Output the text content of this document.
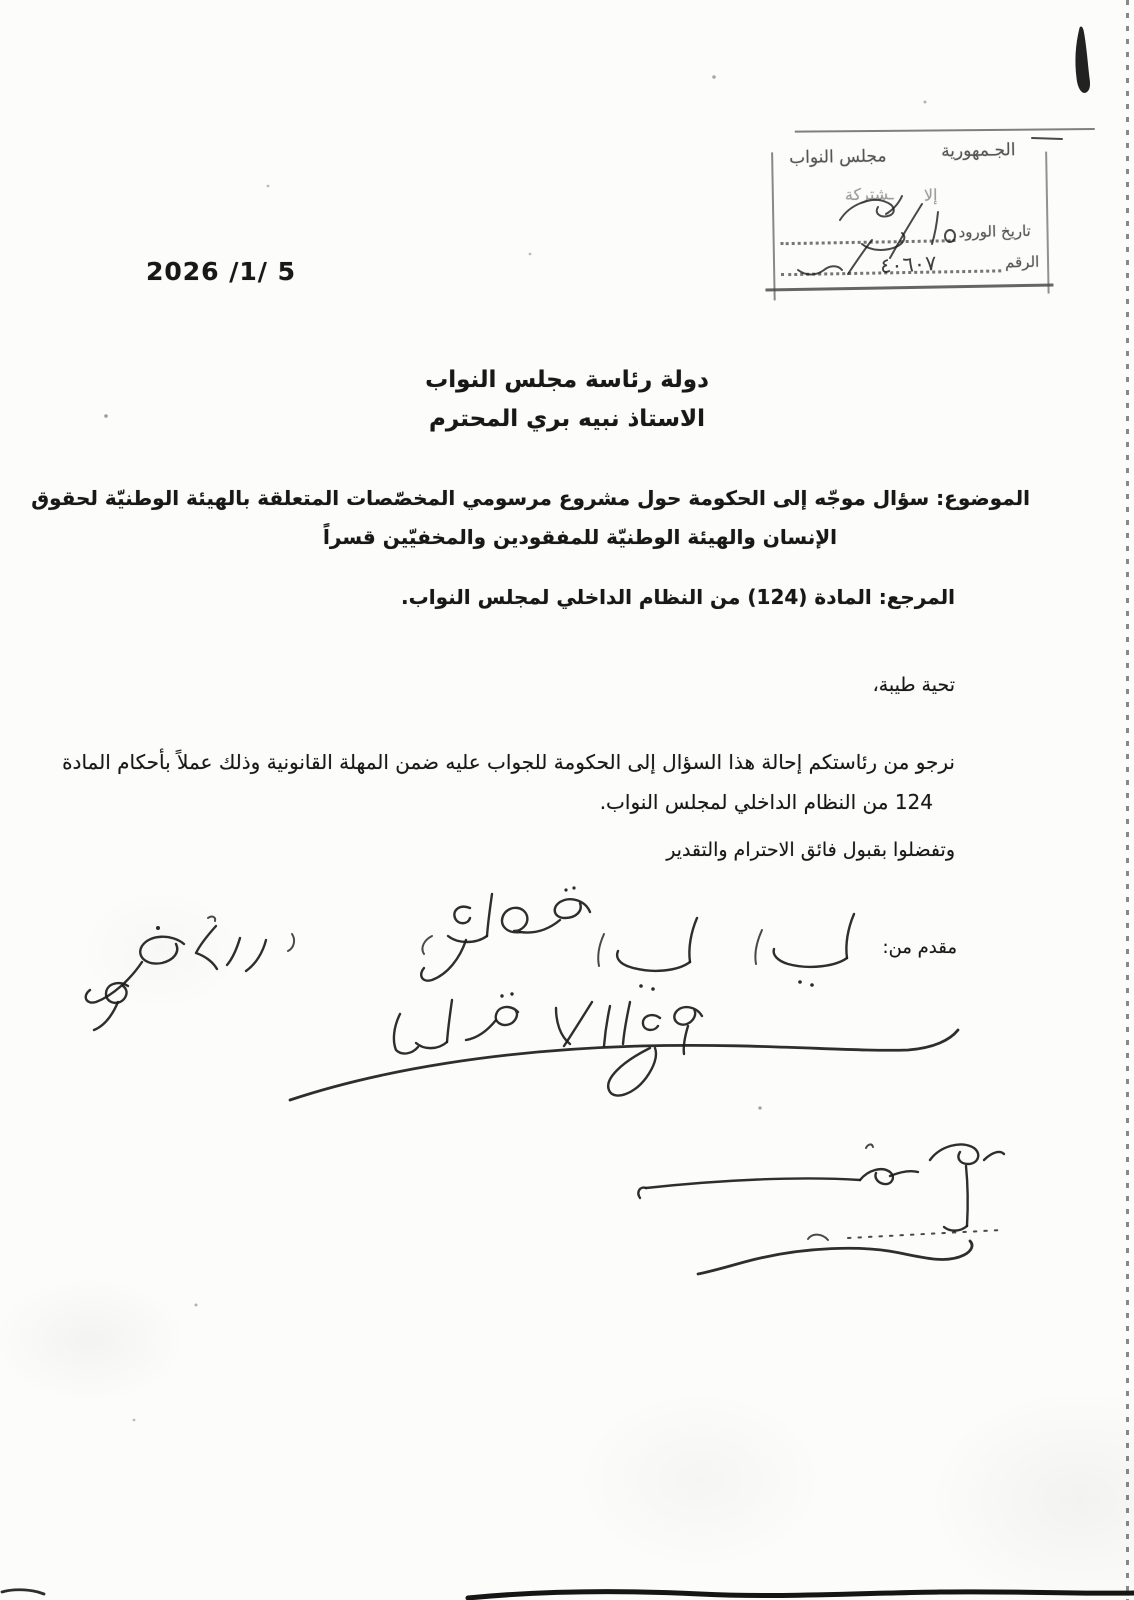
مجلس النواب	الجـمهورية
ـشتركة إلا
تاريخ الورود
الرقم
2026 /1/ 5
دولة رئاسة مجلس النواب
الاستاذ نبيه بري المحترم
الموضوع: سؤال موجّه إلى الحكومة حول مشروع مرسومي المخصّصات المتعلقة بالهيئة الوطنيّة لحقوق
الإنسان والهيئة الوطنيّة للمفقودين والمخفيّين قسراً
المرجع: المادة (124) من النظام الداخلي لمجلس النواب.
تحية طيبة،
نرجو من رئاستكم إحالة هذا السؤال إلى الحكومة للجواب عليه ضمن المهلة القانونية وذلك عملاً بأحكام المادة
124 من النظام الداخلي لمجلس النواب.
وتفضلوا بقبول فائق الاحترام والتقدير
مقدم من:
٤٠٦٠٧
